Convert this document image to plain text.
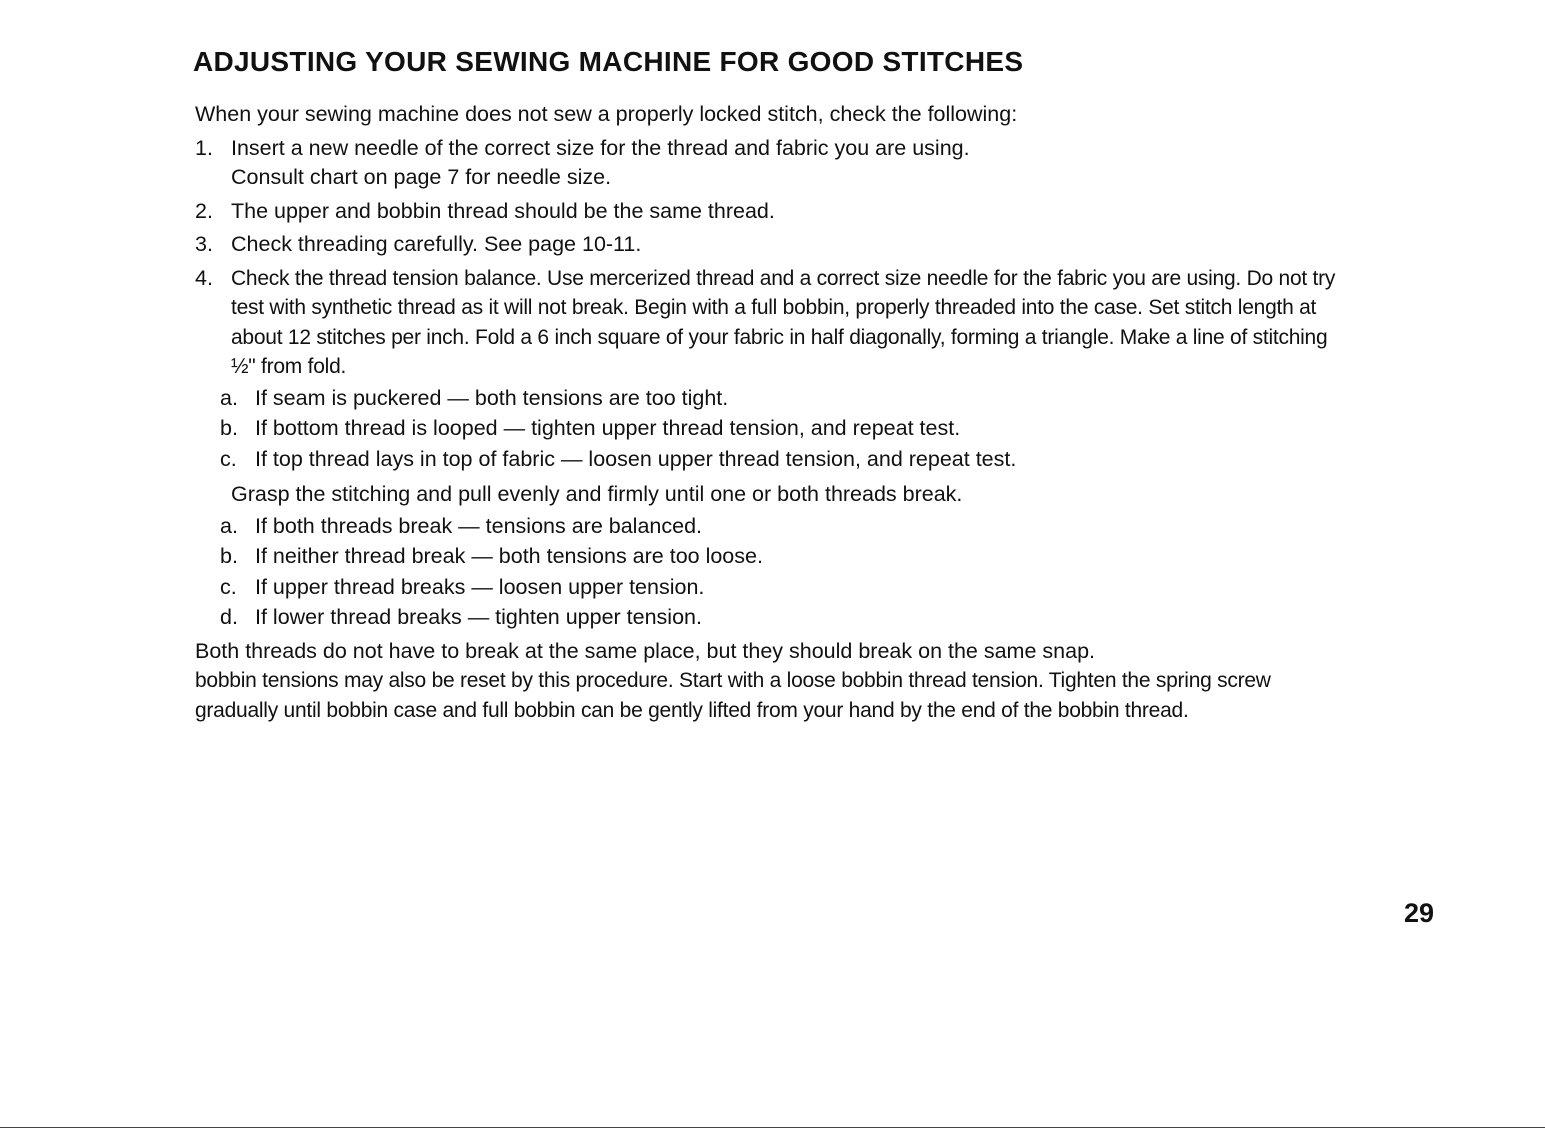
ADJUSTING YOUR SEWING MACHINE FOR GOOD STITCHES

When your sewing machine does not sew a properly locked stitch, check the following:

1. Insert a new needle of the correct size for the thread and fabric you are using.
Consult chart on page 7 for needle size.
2. The upper and bobbin thread should be the same thread.
3. Check threading carefully. See page 10-11.
4. Check the thread tension balance. Use mercerized thread and a correct size needle for the fabric you are using. Do not try test with synthetic thread as it will not break. Begin with a full bobbin, properly threaded into the case. Set stitch length at about 12 stitches per inch. Fold a 6 inch square of your fabric in half diagonally, forming a triangle. Make a line of stitching ½" from fold.
a. If seam is puckered — both tensions are too tight.
b. If bottom thread is looped — tighten upper thread tension, and repeat test.
c. If top thread lays in top of fabric — loosen upper thread tension, and repeat test.

Grasp the stitching and pull evenly and firmly until one or both threads break.

a. If both threads break — tensions are balanced.
b. If neither thread break — both tensions are too loose.
c. If upper thread breaks — loosen upper tension.
d. If lower thread breaks — tighten upper tension.

Both threads do not have to break at the same place, but they should break on the same snap.

bobbin tensions may also be reset by this procedure. Start with a loose bobbin thread tension. Tighten the spring screw gradually until bobbin case and full bobbin can be gently lifted from your hand by the end of the bobbin thread.

29
